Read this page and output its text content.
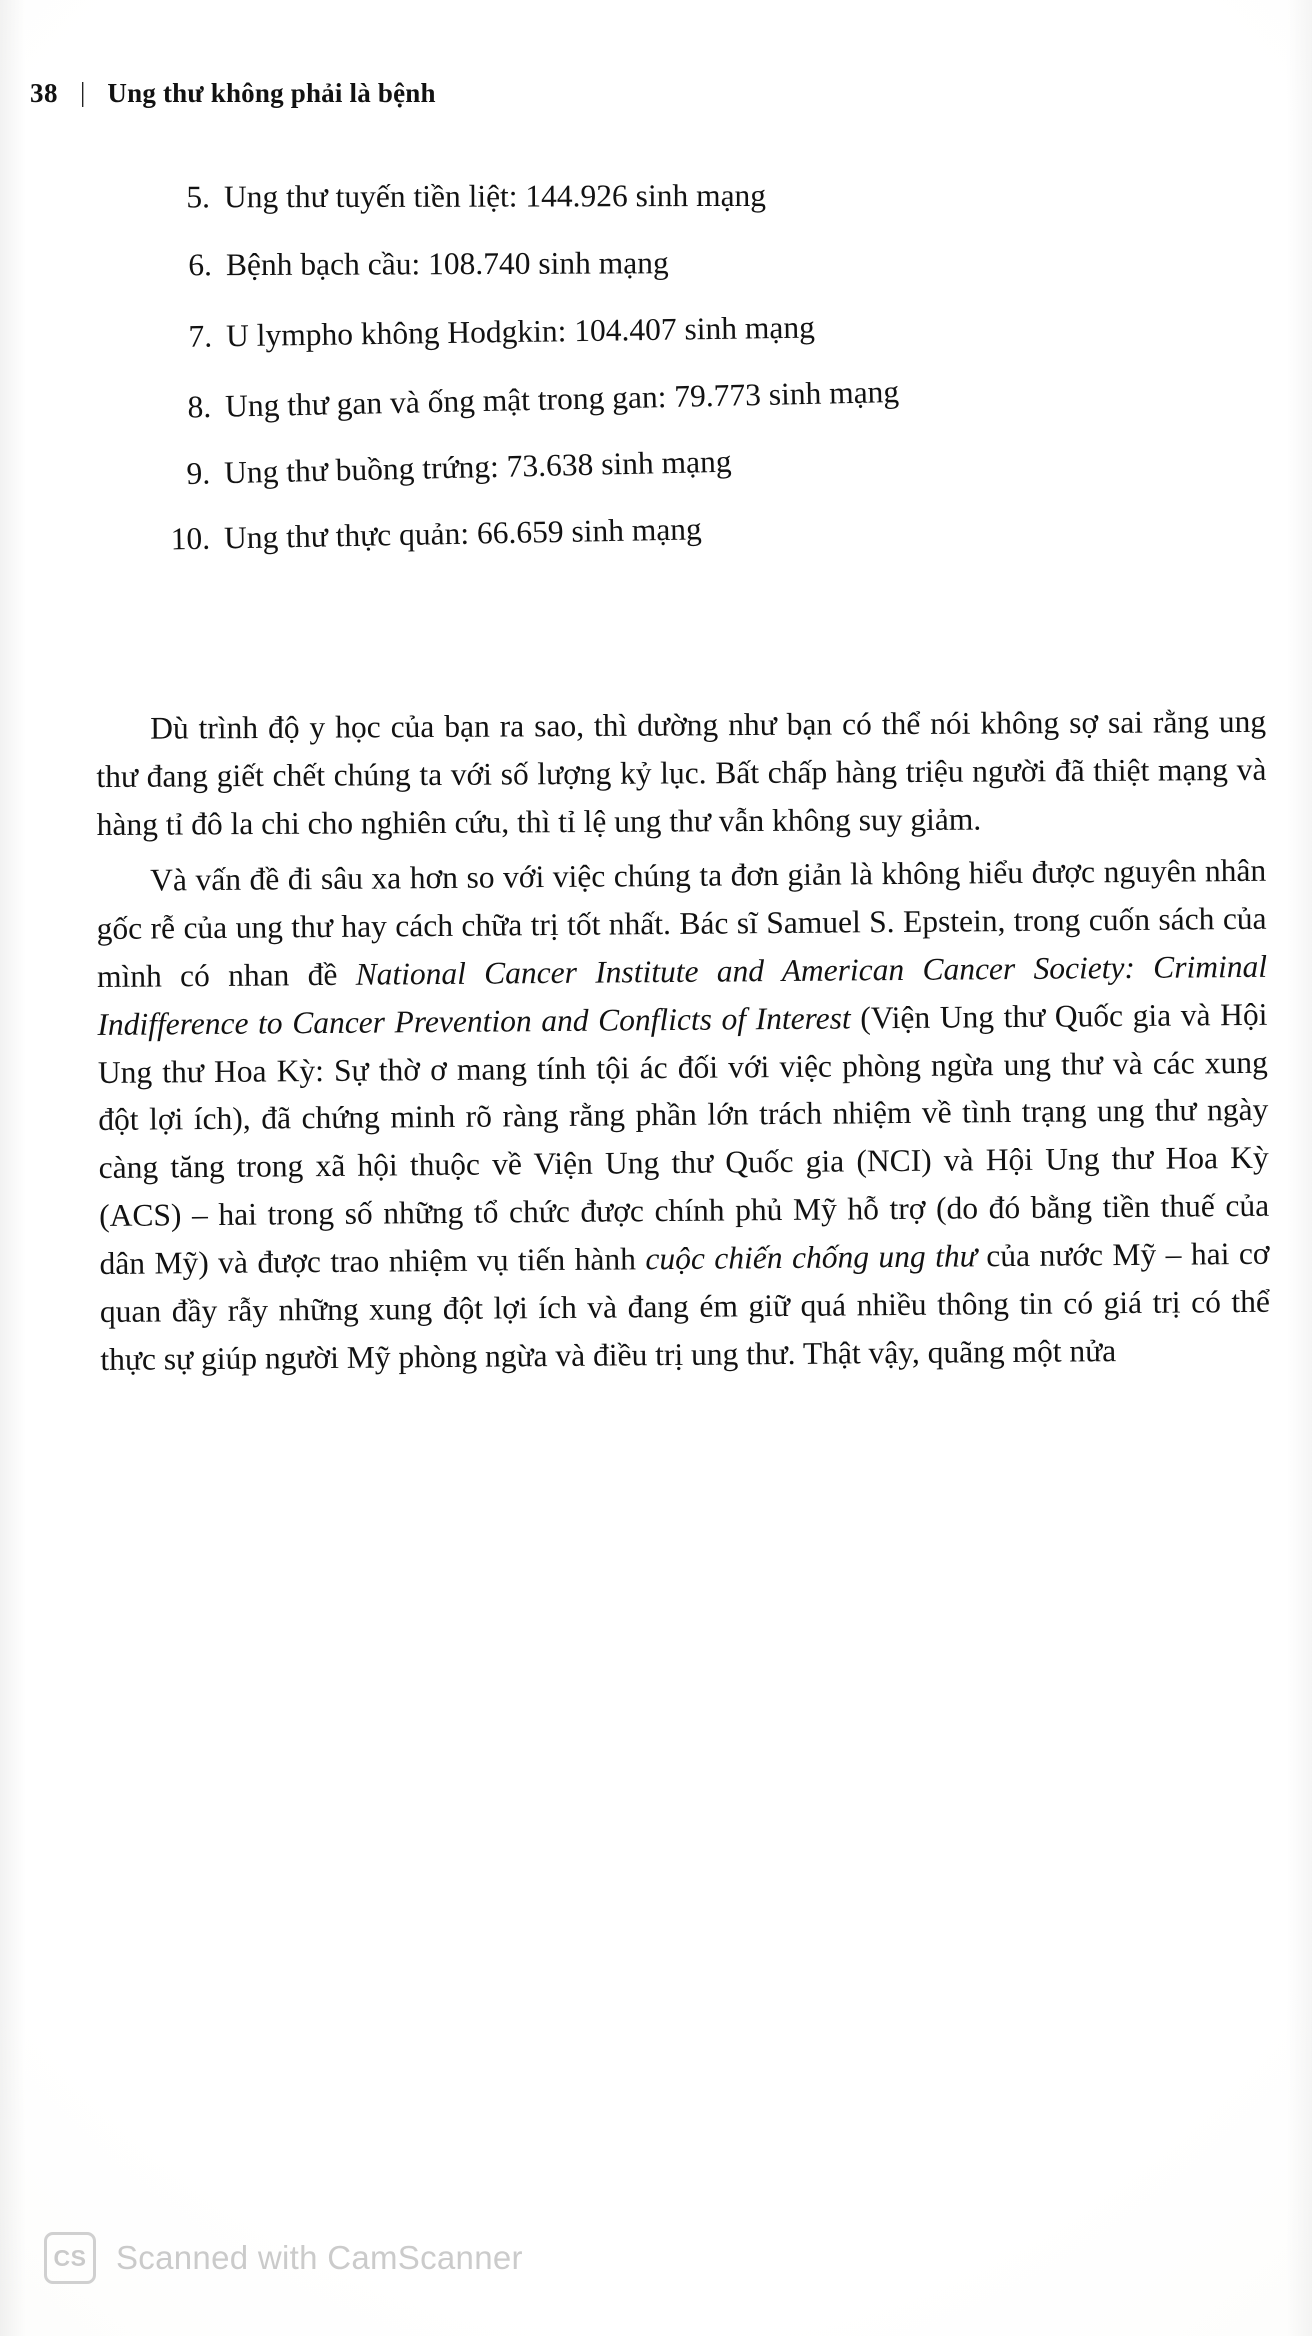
38 | Ung thư không phải là bệnh
5. Ung thư tuyến tiền liệt: 144.926 sinh mạng
6. Bệnh bạch cầu: 108.740 sinh mạng
7. U lympho không Hodgkin: 104.407 sinh mạng
8. Ung thư gan và ống mật trong gan: 79.773 sinh mạng
9. Ung thư buồng trứng: 73.638 sinh mạng
10. Ung thư thực quản: 66.659 sinh mạng

Dù trình độ y học của bạn ra sao, thì dường như bạn có thể nói không sợ sai rằng ung thư đang giết chết chúng ta với số lượng kỷ lục. Bất chấp hàng triệu người đã thiệt mạng và hàng tỉ đô la chi cho nghiên cứu, thì tỉ lệ ung thư vẫn không suy giảm.

Và vấn đề đi sâu xa hơn so với việc chúng ta đơn giản là không hiểu được nguyên nhân gốc rễ của ung thư hay cách chữa trị tốt nhất. Bác sĩ Samuel S. Epstein, trong cuốn sách của mình có nhan đề National Cancer Institute and American Cancer Society: Criminal Indifference to Cancer Prevention and Conflicts of Interest (Viện Ung thư Quốc gia và Hội Ung thư Hoa Kỳ: Sự thờ ơ mang tính tội ác đối với việc phòng ngừa ung thư và các xung đột lợi ích), đã chứng minh rõ ràng rằng phần lớn trách nhiệm về tình trạng ung thư ngày càng tăng trong xã hội thuộc về Viện Ung thư Quốc gia (NCI) và Hội Ung thư Hoa Kỳ (ACS) – hai trong số những tổ chức được chính phủ Mỹ hỗ trợ (do đó bằng tiền thuế của dân Mỹ) và được trao nhiệm vụ tiến hành cuộc chiến chống ung thư của nước Mỹ – hai cơ quan đầy rẫy những xung đột lợi ích và đang ém giữ quá nhiều thông tin có giá trị có thể thực sự giúp người Mỹ phòng ngừa và điều trị ung thư. Thật vậy, quãng một nửa

CS Scanned with CamScanner
